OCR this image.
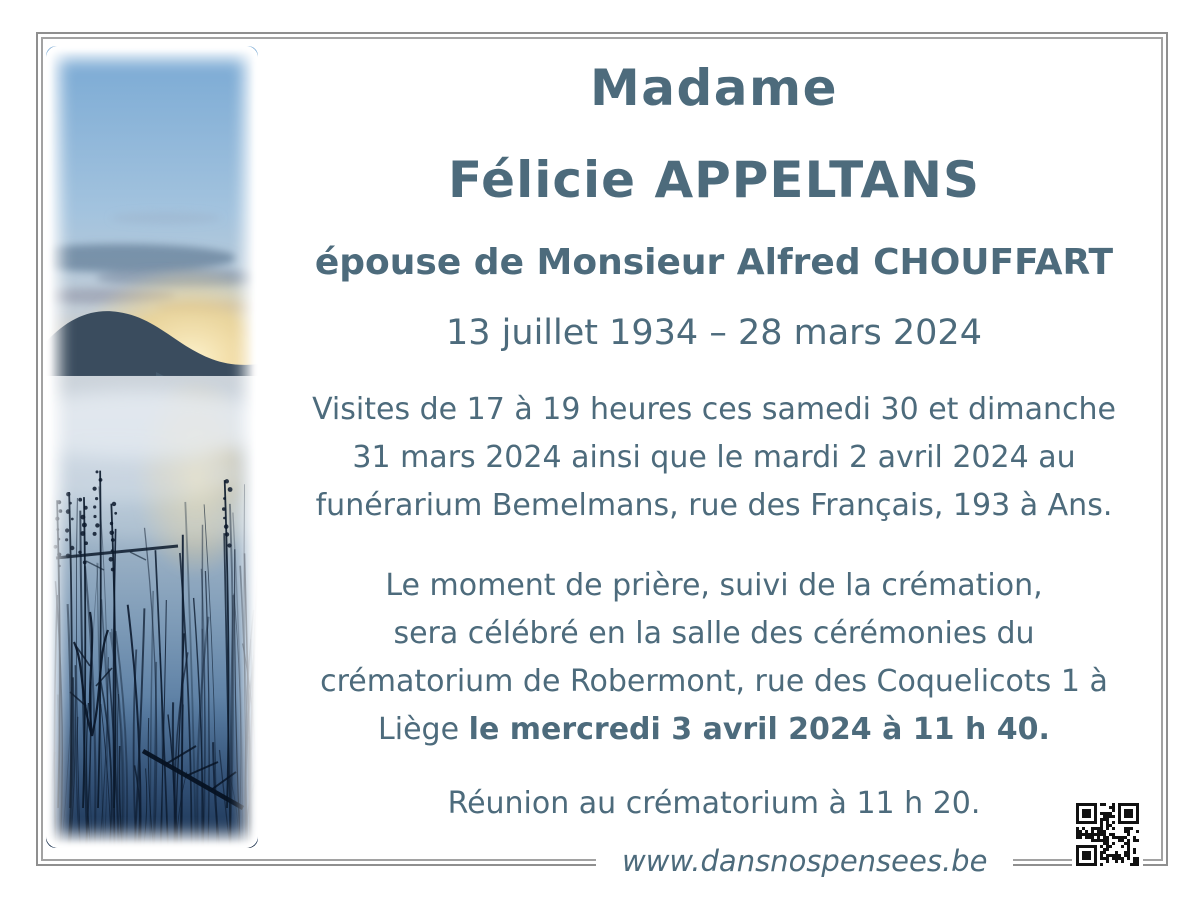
Madame
Félicie APPELTANS
épouse de Monsieur Alfred CHOUFFART
13 juillet 1934 – 28 mars 2024
Visites de 17 à 19 heures ces samedi 30 et dimanche
31 mars 2024 ainsi que le mardi 2 avril 2024 au
funérarium Bemelmans, rue des Français, 193 à Ans.
Le moment de prière, suivi de la crémation,
sera célébré en la salle des cérémonies du
crématorium de Robermont, rue des Coquelicots 1 à
Liège le mercredi 3 avril 2024 à 11 h 40.
Réunion au crématorium à 11 h 20.
www.dansnospensees.be
